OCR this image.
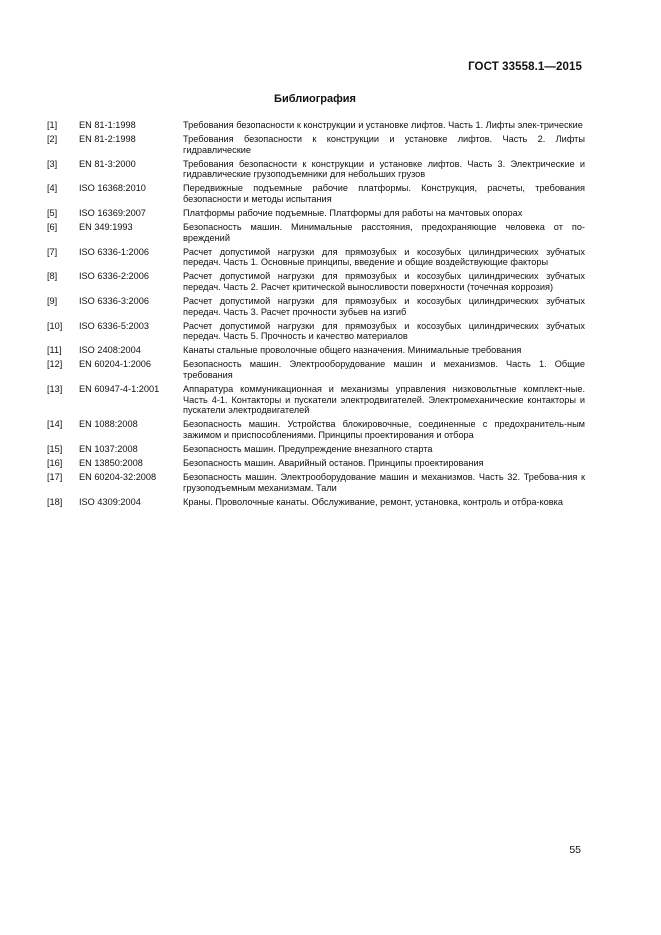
ГОСТ 33558.1—2015
Библиография
[1]	EN 81-1:1998	Требования безопасности к конструкции и установке лифтов. Часть 1. Лифты элек-трические
[2]	EN 81-2:1998	Требования безопасности к конструкции и установке лифтов. Часть 2. Лифты гидравлические
[3]	EN 81-3:2000	Требования безопасности к конструкции и установке лифтов. Часть 3. Электрические и гидравлические грузоподъемники для небольших грузов
[4]	ISO 16368:2010	Передвижные подъемные рабочие платформы. Конструкция, расчеты, требования безопасности и методы испытания
[5]	ISO 16369:2007	Платформы рабочие подъемные. Платформы для работы на мачтовых опорах
[6]	EN 349:1993	Безопасность машин. Минимальные расстояния, предохраняющие человека от по-вреждений
[7]	ISO 6336-1:2006	Расчет допустимой нагрузки для прямозубых и косозубых цилиндрических зубчатых передач. Часть 1. Основные принципы, введение и общие воздействующие факторы
[8]	ISO 6336-2:2006	Расчет допустимой нагрузки для прямозубых и косозубых цилиндрических зубчатых передач. Часть 2. Расчет критической выносливости поверхности (точечная коррозия)
[9]	ISO 6336-3:2006	Расчет допустимой нагрузки для прямозубых и косозубых цилиндрических зубчатых передач. Часть 3. Расчет прочности зубьев на изгиб
[10]	ISO 6336-5:2003	Расчет допустимой нагрузки для прямозубых и косозубых цилиндрических зубчатых передач. Часть 5. Прочность и качество материалов
[11]	ISO 2408:2004	Канаты стальные проволочные общего назначения. Минимальные требования
[12]	EN 60204-1:2006	Безопасность машин. Электрооборудование машин и механизмов. Часть 1. Общие требования
[13]	EN 60947-4-1:2001	Аппаратура коммуникационная и механизмы управления низковольтные комплект-ные. Часть 4-1. Контакторы и пускатели электродвигателей. Электромеханические контакторы и пускатели электродвигателей
[14]	EN 1088:2008	Безопасность машин. Устройства блокировочные, соединенные с предохранитель-ным зажимом и приспособлениями. Принципы проектирования и отбора
[15]	EN 1037:2008	Безопасность машин. Предупреждение внезапного старта
[16]	EN 13850:2008	Безопасность машин. Аварийный останов. Принципы проектирования
[17]	EN 60204-32:2008	Безопасность машин. Электрооборудование машин и механизмов. Часть 32. Требова-ния к грузоподъемным механизмам. Тали
[18]	ISO 4309:2004	Краны. Проволочные канаты. Обслуживание, ремонт, установка, контроль и отбра-ковка
55
